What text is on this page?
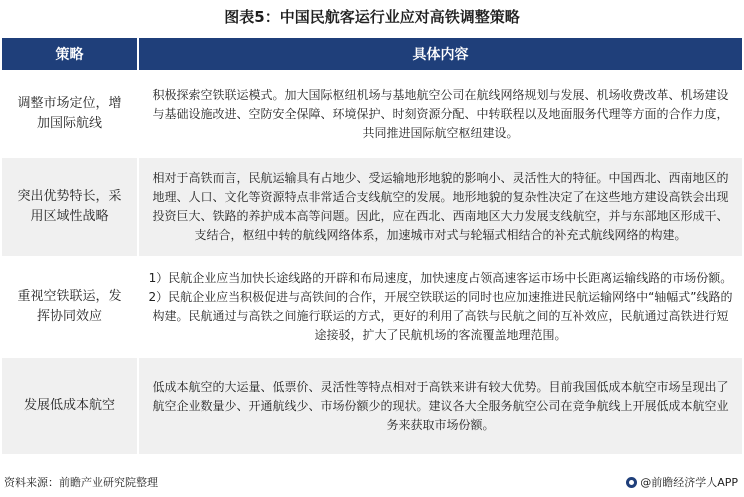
图表5：中国民航客运行业应对高铁调整策略
策略	具体内容

调整市场定位，增加国际航线	积极探索空铁联运模式。加大国际枢纽机场与基地航空公司在航线网络规划与发展、机场收费改革、机场建设与基础设施改进、空防安全保障、环境保护、时刻资源分配、中转联程以及地面服务代理等方面的合作力度，共同推进国际航空枢纽建设。

突出优势特长，采用区域性战略	相对于高铁而言，民航运输具有占地少、受运输地形地貌的影响小、灵活性大的特征。中国西北、西南地区的地理、人口、文化等资源特点非常适合支线航空的发展。地形地貌的复杂性决定了在这些地方建设高铁会出现投资巨大、铁路的养护成本高等问题。因此，应在西北、西南地区大力发展支线航空，并与东部地区形成干、支结合，枢纽中转的航线网络体系，加速城市对式与轮辐式相结合的补充式航线网络的构建。

重视空铁联运，发挥协同效应	1）民航企业应当加快长途线路的开辟和布局速度，加快速度占领高速客运市场中长距离运输线路的市场份额。2）民航企业应当积极促进与高铁间的合作，开展空铁联运的同时也应加速推进民航运输网络中“轴幅式”线路的构建。民航通过与高铁之间施行联运的方式，更好的利用了高铁与民航之间的互补效应，民航通过高铁进行短途接驳，扩大了民航机场的客流覆盖地理范围。

发展低成本航空	低成本航空的大运量、低票价、灵活性等特点相对于高铁来讲有较大优势。目前我国低成本航空市场呈现出了航空企业数量少、开通航线少、市场份额少的现状。建议各大全服务航空公司在竞争航线上开展低成本航空业务来获取市场份额。
资料来源：前瞻产业研究院整理	@前瞻经济学人APP
